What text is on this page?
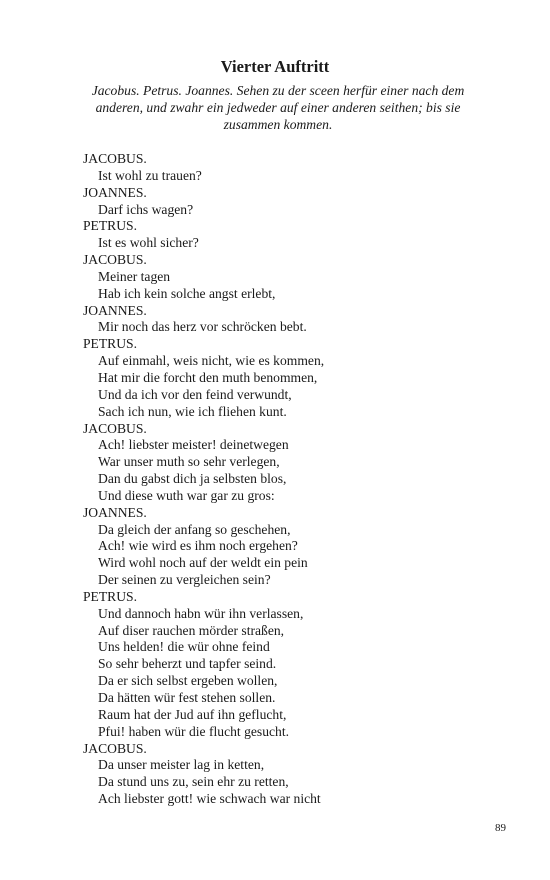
Vierter Auftritt
Jacobus. Petrus. Joannes. Sehen zu der sceen herfür einer nach dem
anderen, und zwahr ein jedweder auf einer anderen seithen; bis sie
zusammen kommen.
JACOBUS.
Ist wohl zu trauen?
JOANNES.
Darf ichs wagen?
PETRUS.
Ist es wohl sicher?
JACOBUS.
Meiner tagen
Hab ich kein solche angst erlebt,
JOANNES.
Mir noch das herz vor schröcken bebt.
PETRUS.
Auf einmahl, weis nicht, wie es kommen,
Hat mir die forcht den muth benommen,
Und da ich vor den feind verwundt,
Sach ich nun, wie ich fliehen kunt.
JACOBUS.
Ach! liebster meister! deinetwegen
War unser muth so sehr verlegen,
Dan du gabst dich ja selbsten blos,
Und diese wuth war gar zu gros:
JOANNES.
Da gleich der anfang so geschehen,
Ach! wie wird es ihm noch ergehen?
Wird wohl noch auf der weldt ein pein
Der seinen zu vergleichen sein?
PETRUS.
Und dannoch habn wür ihn verlassen,
Auf diser rauchen mörder straßen,
Uns helden! die wür ohne feind
So sehr beherzt und tapfer seind.
Da er sich selbst ergeben wollen,
Da hätten wür fest stehen sollen.
Raum hat der Jud auf ihn geflucht,
Pfui! haben wür die flucht gesucht.
JACOBUS.
Da unser meister lag in ketten,
Da stund uns zu, sein ehr zu retten,
Ach liebster gott! wie schwach war nicht
89
